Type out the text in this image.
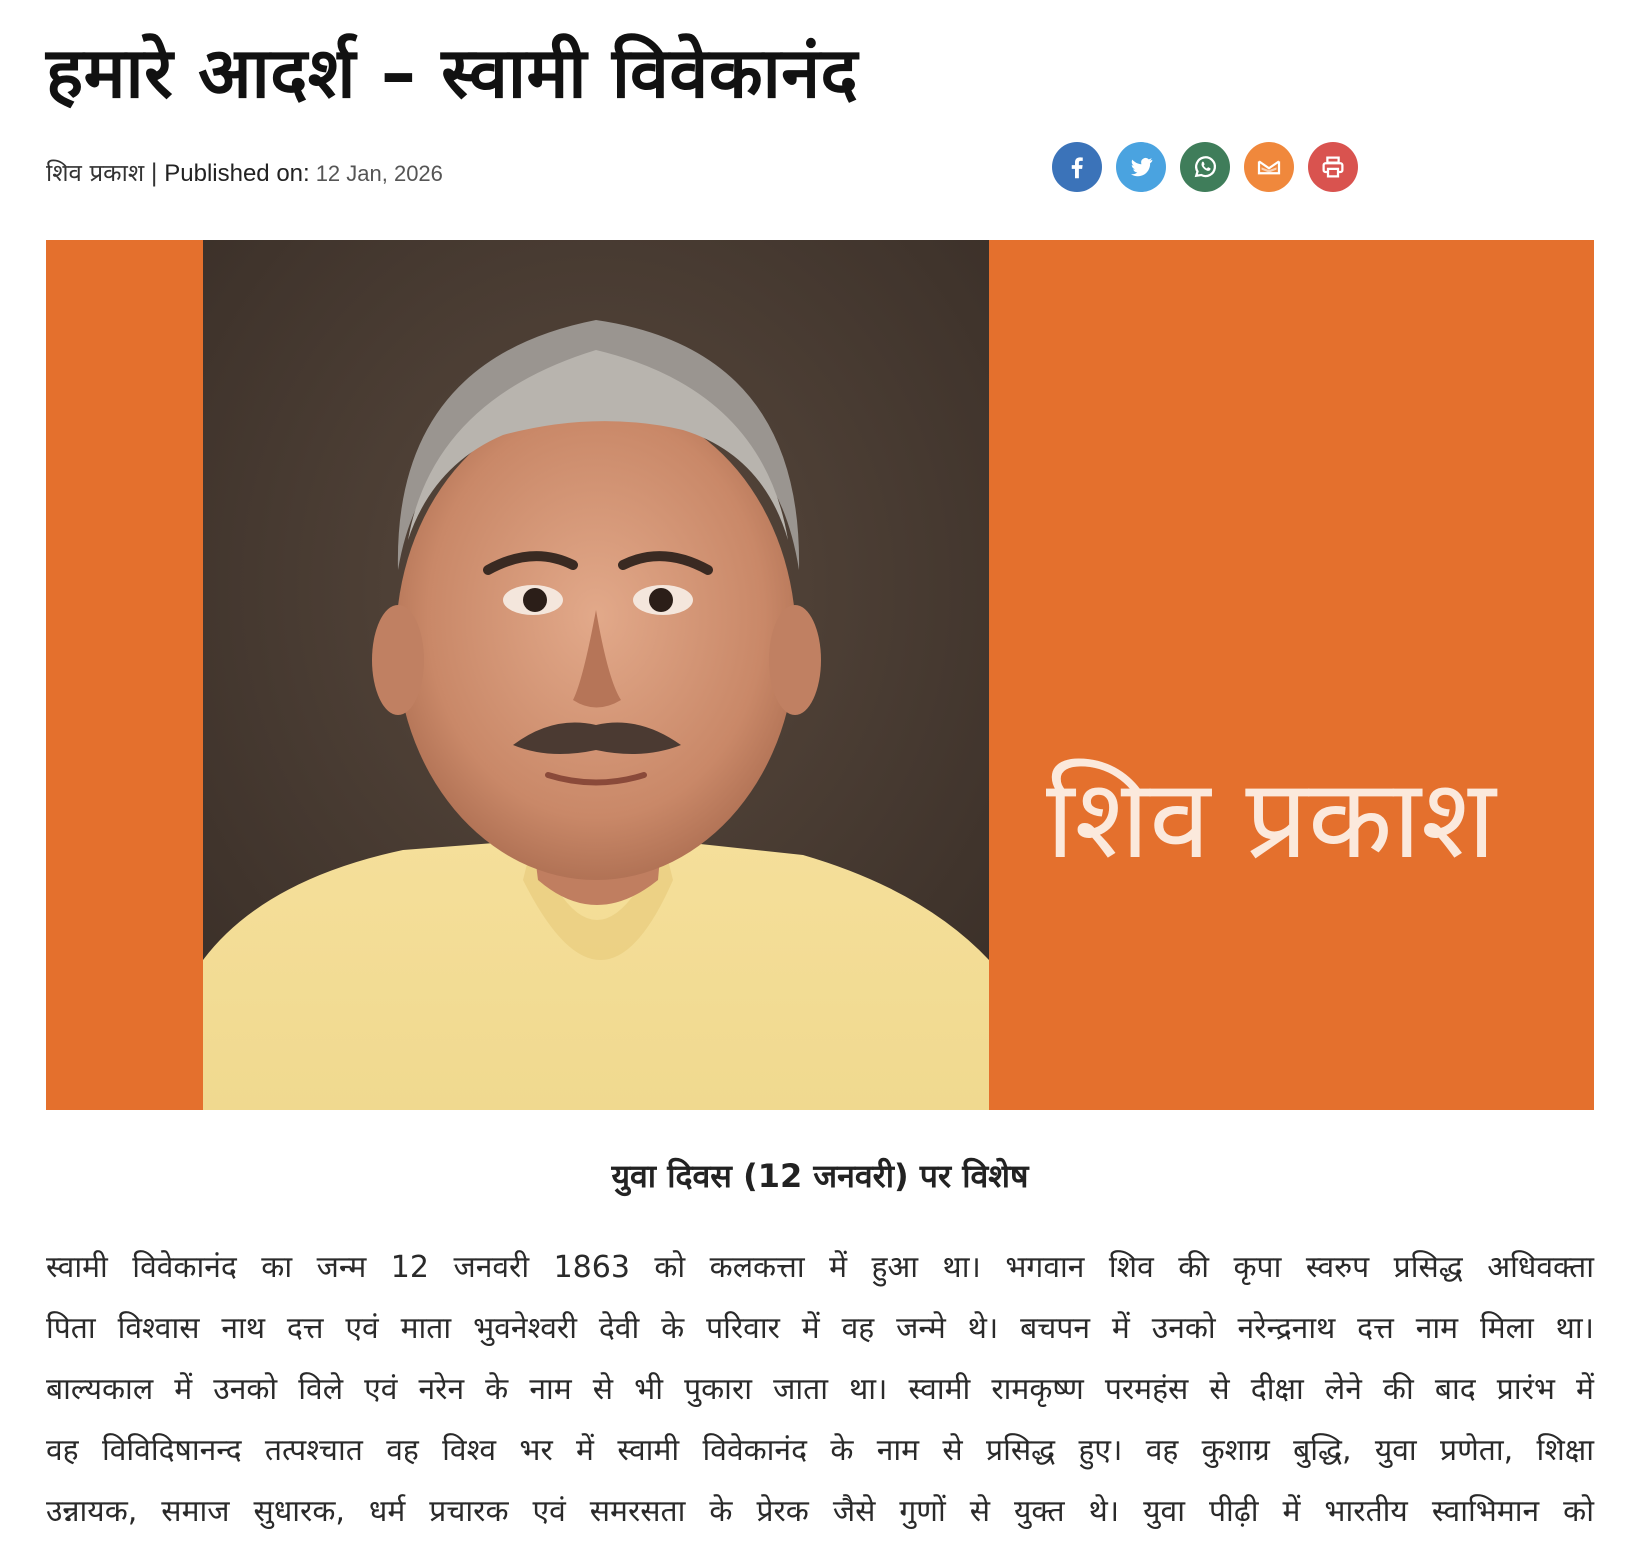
हमारे आदर्श – स्वामी विवेकानंद
शिव प्रकाश | Published on: 12 Jan, 2026
शिव प्रकाश
युवा दिवस (12 जनवरी) पर विशेष
स्वामी विवेकानंद का जन्म 12 जनवरी 1863 को कलकत्ता में हुआ था। भगवान शिव की कृपा स्वरुप प्रसिद्ध अधिवक्ता
पिता विश्वास नाथ दत्त एवं माता भुवनेश्वरी देवी के परिवार में वह जन्मे थे। बचपन में उनको नरेन्द्रनाथ दत्त नाम मिला था।
बाल्यकाल में उनको विले एवं नरेन के नाम से भी पुकारा जाता था। स्वामी रामकृष्ण परमहंस से दीक्षा लेने की बाद प्रारंभ में
वह विविदिषानन्द तत्पश्चात वह विश्व भर में स्वामी विवेकानंद के नाम से प्रसिद्ध हुए। वह कुशाग्र बुद्धि, युवा प्रणेता, शिक्षा
उन्नायक, समाज सुधारक, धर्म प्रचारक एवं समरसता के प्रेरक जैसे गुणों से युक्त थे। युवा पीढ़ी में भारतीय स्वाभिमान को
